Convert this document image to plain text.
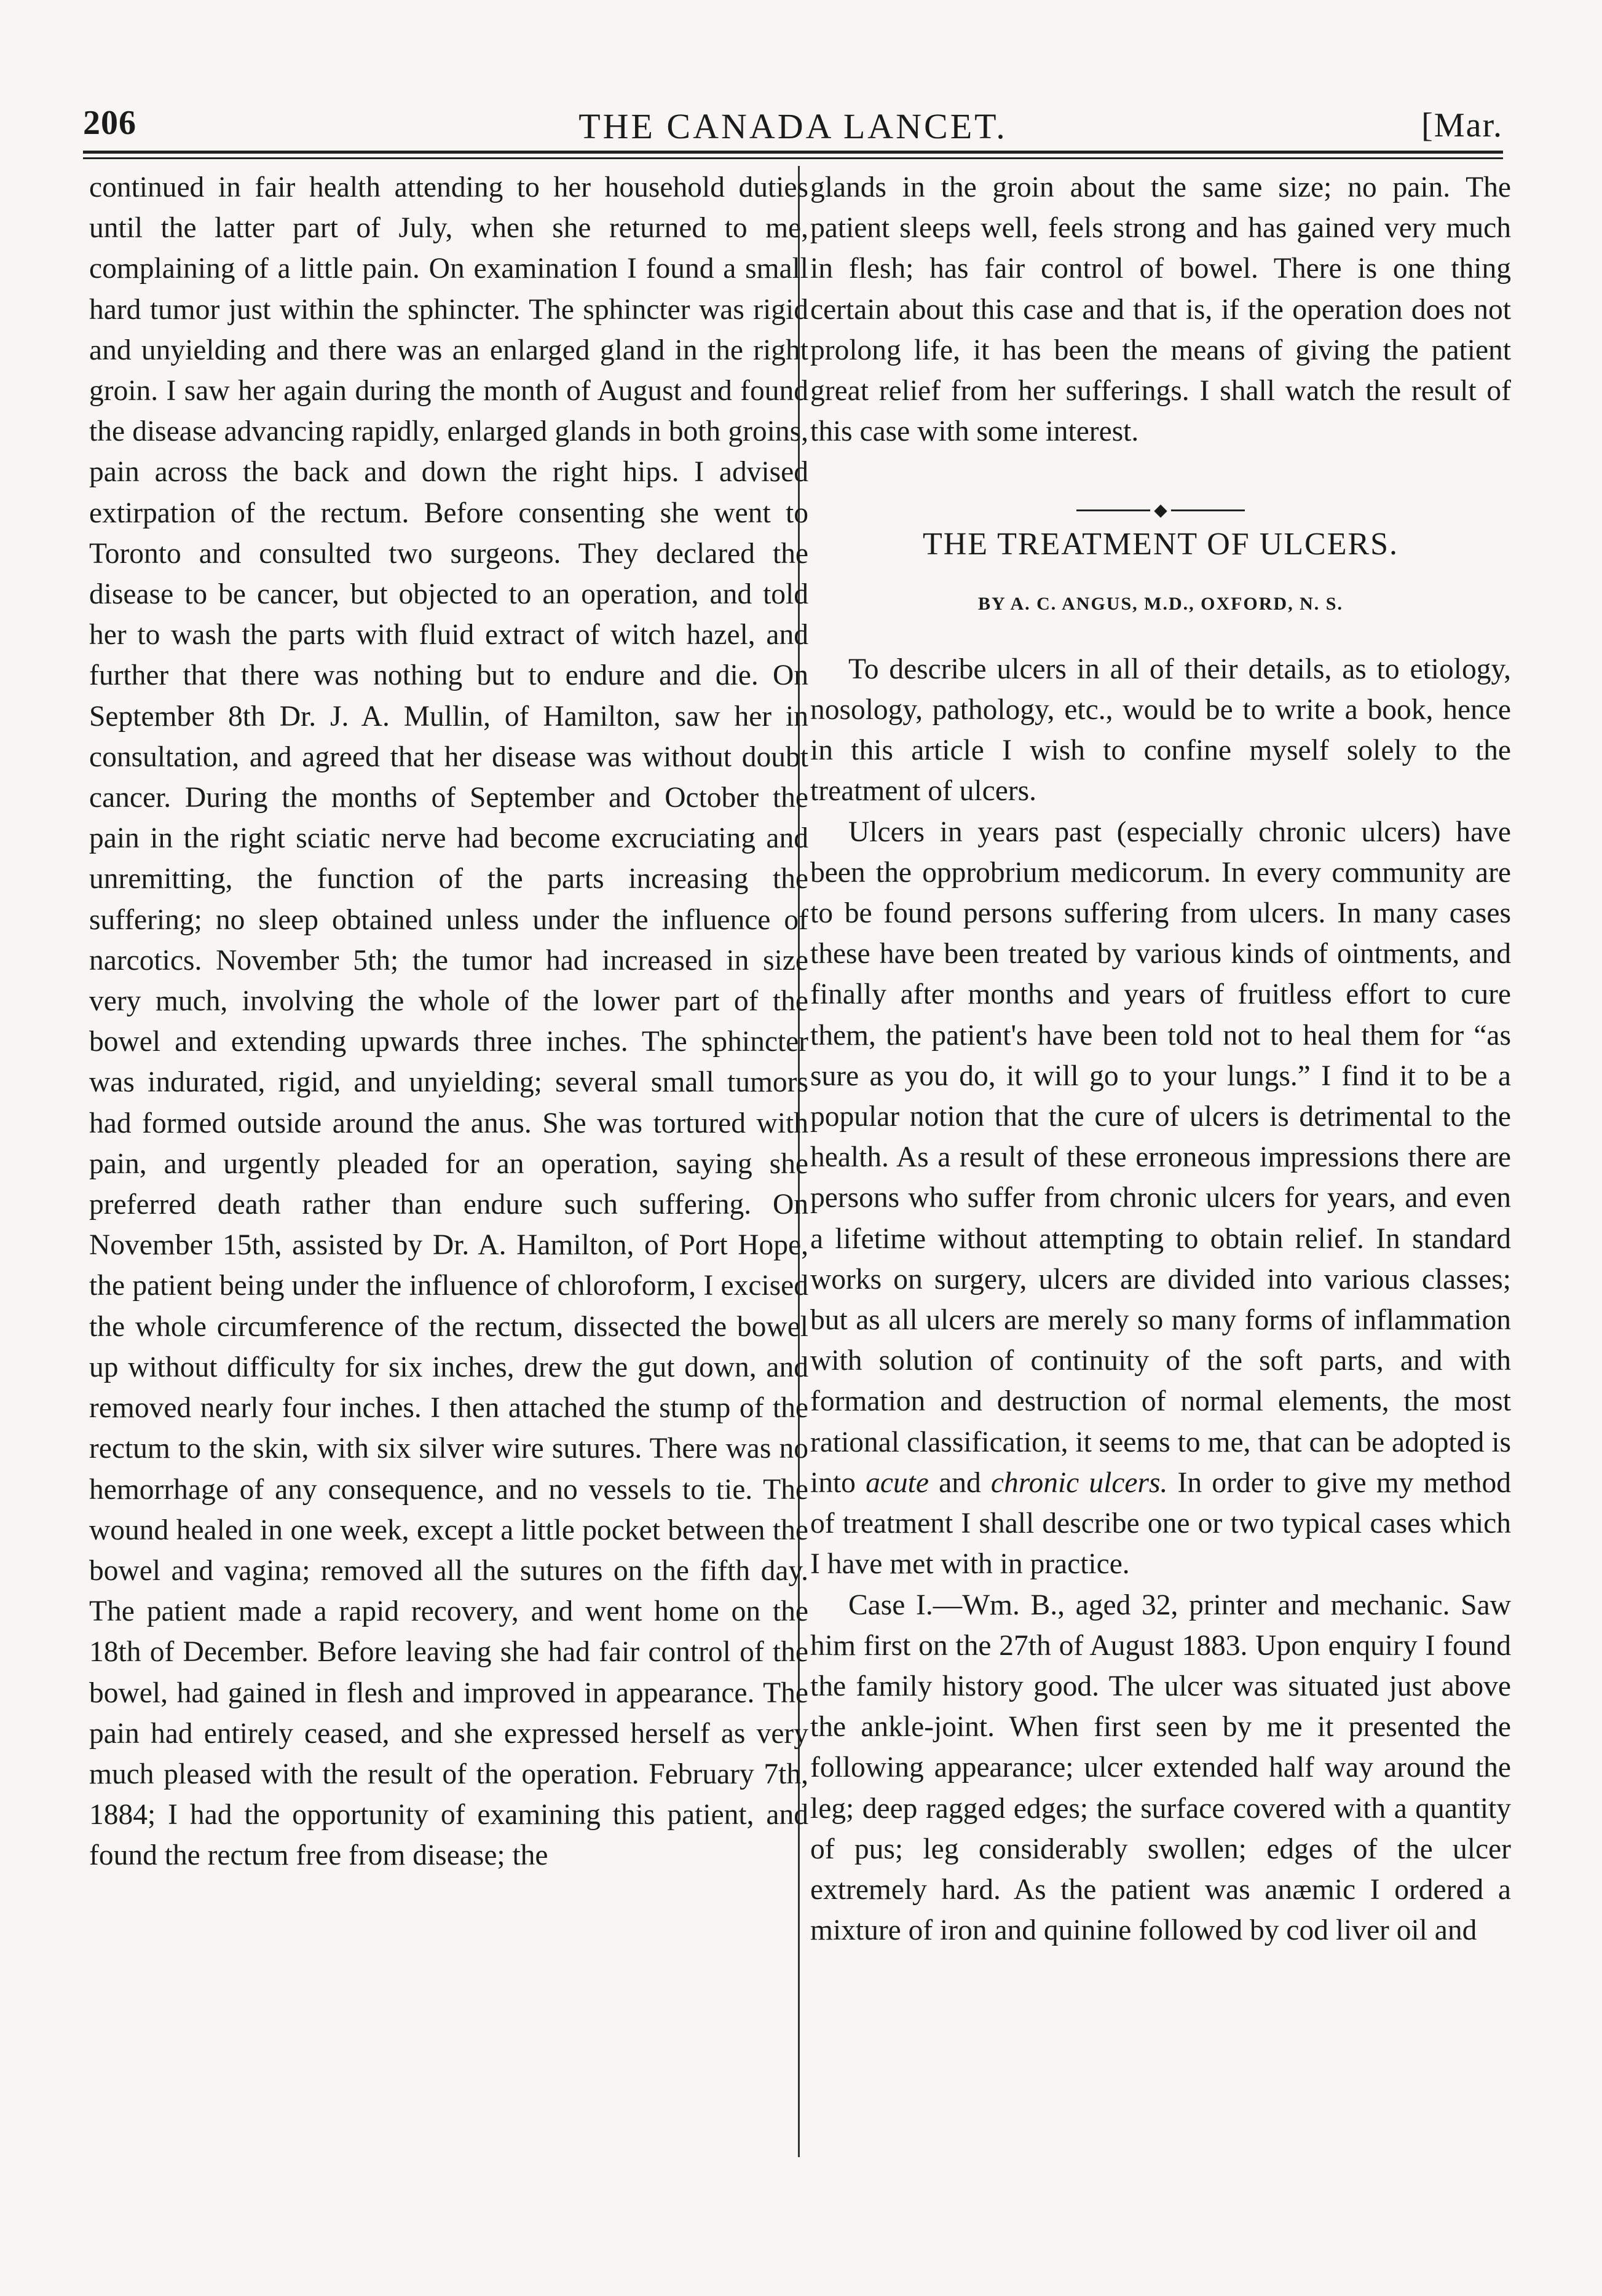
206	THE CANADA LANCET.	[Mar.

continued in fair health attending to her household duties until the latter part of July, when she returned to me, complaining of a little pain. On examination I found a small hard tumor just within the sphincter. The sphincter was rigid and unyielding and there was an enlarged gland in the right groin. I saw her again during the month of August and found the disease advancing rapidly, enlarged glands in both groins, pain across the back and down the right hips. I advised extirpation of the rectum. Before consenting she went to Toronto and consulted two surgeons. They declared the disease to be cancer, but objected to an operation, and told her to wash the parts with fluid extract of witch hazel, and further that there was nothing but to endure and die. On September 8th Dr. J. A. Mullin, of Hamilton, saw her in consultation, and agreed that her disease was without doubt cancer. During the months of September and October the pain in the right sciatic nerve had become excruciating and unremitting, the function of the parts increasing the suffering; no sleep obtained unless under the influence of narcotics. November 5th; the tumor had increased in size very much, involving the whole of the lower part of the bowel and extending upwards three inches. The sphincter was indurated, rigid, and unyielding; several small tumors had formed outside around the anus. She was tortured with pain, and urgently pleaded for an operation, saying she preferred death rather than endure such suffering. On November 15th, assisted by Dr. A. Hamilton, of Port Hope, the patient being under the influence of chloroform, I excised the whole circumference of the rectum, dissected the bowel up without difficulty for six inches, drew the gut down, and removed nearly four inches. I then attached the stump of the rectum to the skin, with six silver wire sutures. There was no hemorrhage of any consequence, and no vessels to tie. The wound healed in one week, except a little pocket between the bowel and vagina; removed all the sutures on the fifth day. The patient made a rapid recovery, and went home on the 18th of December. Before leaving she had fair control of the bowel, had gained in flesh and improved in appearance. The pain had entirely ceased, and she expressed herself as very much pleased with the result of the operation. February 7th, 1884; I had the opportunity of examining this patient, and found the rectum free from disease; the

glands in the groin about the same size; no pain. The patient sleeps well, feels strong and has gained very much in flesh; has fair control of bowel. There is one thing certain about this case and that is, if the operation does not prolong life, it has been the means of giving the patient great relief from her sufferings. I shall watch the result of this case with some interest.

◆
THE TREATMENT OF ULCERS.
BY A. C. ANGUS, M.D., OXFORD, N. S.

To describe ulcers in all of their details, as to etiology, nosology, pathology, etc., would be to write a book, hence in this article I wish to confine myself solely to the treatment of ulcers.

Ulcers in years past (especially chronic ulcers) have been the opprobrium medicorum. In every community are to be found persons suffering from ulcers. In many cases these have been treated by various kinds of ointments, and finally after months and years of fruitless effort to cure them, the patient's have been told not to heal them for “as sure as you do, it will go to your lungs.” I find it to be a popular notion that the cure of ulcers is detrimental to the health. As a result of these erroneous impressions there are persons who suffer from chronic ulcers for years, and even a lifetime without attempting to obtain relief. In standard works on surgery, ulcers are divided into various classes; but as all ulcers are merely so many forms of inflammation with solution of continuity of the soft parts, and with formation and destruction of normal elements, the most rational classification, it seems to me, that can be adopted is into acute and chronic ulcers. In order to give my method of treatment I shall describe one or two typical cases which I have met with in practice.

Case I.—Wm. B., aged 32, printer and mechanic. Saw him first on the 27th of August 1883. Upon enquiry I found the family history good. The ulcer was situated just above the ankle-joint. When first seen by me it presented the following appearance; ulcer extended half way around the leg; deep ragged edges; the surface covered with a quantity of pus; leg considerably swollen; edges of the ulcer extremely hard. As the patient was anæmic I ordered a mixture of iron and quinine followed by cod liver oil and
